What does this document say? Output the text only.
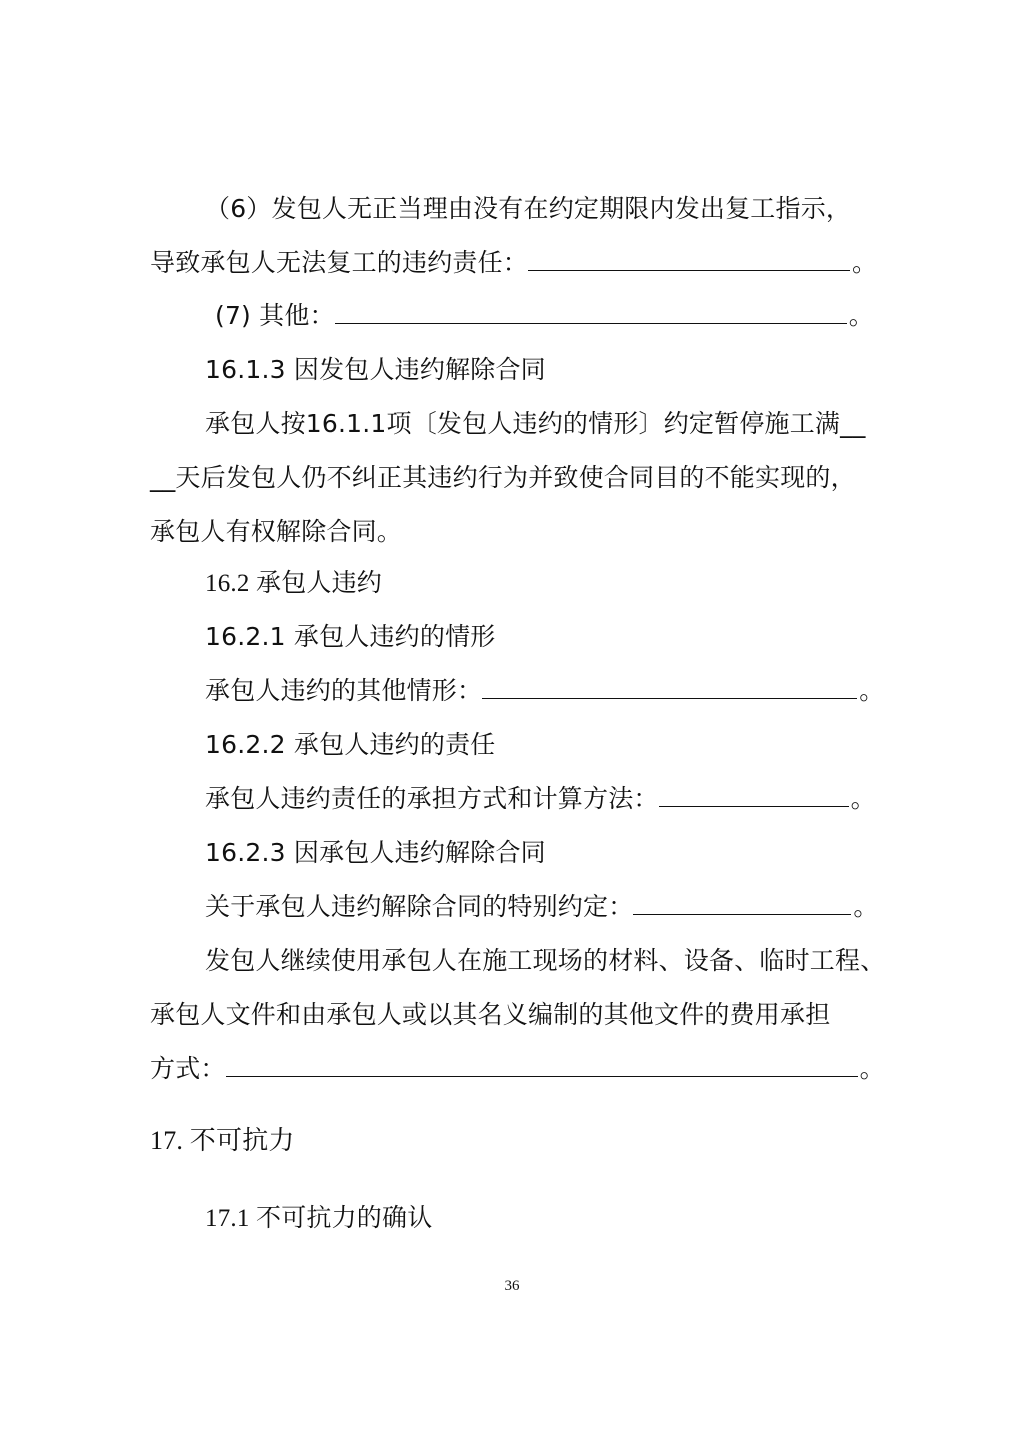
（6）发包人无正当理由没有在约定期限内发出复工指示，
导致承包人无法复工的违约责任：	。
(7) 其他：	。
16.1.3 因发包人违约解除合同
承包人按16.1.1项〔发包人违约的情形〕约定暂停施工满__
__天后发包人仍不纠正其违约行为并致使合同目的不能实现的，
承包人有权解除合同。
16.2 承包人违约
16.2.1 承包人违约的情形
承包人违约的其他情形：	。
16.2.2 承包人违约的责任
承包人违约责任的承担方式和计算方法：	。
16.2.3 因承包人违约解除合同
关于承包人违约解除合同的特别约定：	。
发包人继续使用承包人在施工现场的材料、设备、临时工程、
承包人文件和由承包人或以其名义编制的其他文件的费用承担
方式：	。
17. 不可抗力
17.1 不可抗力的确认
36
